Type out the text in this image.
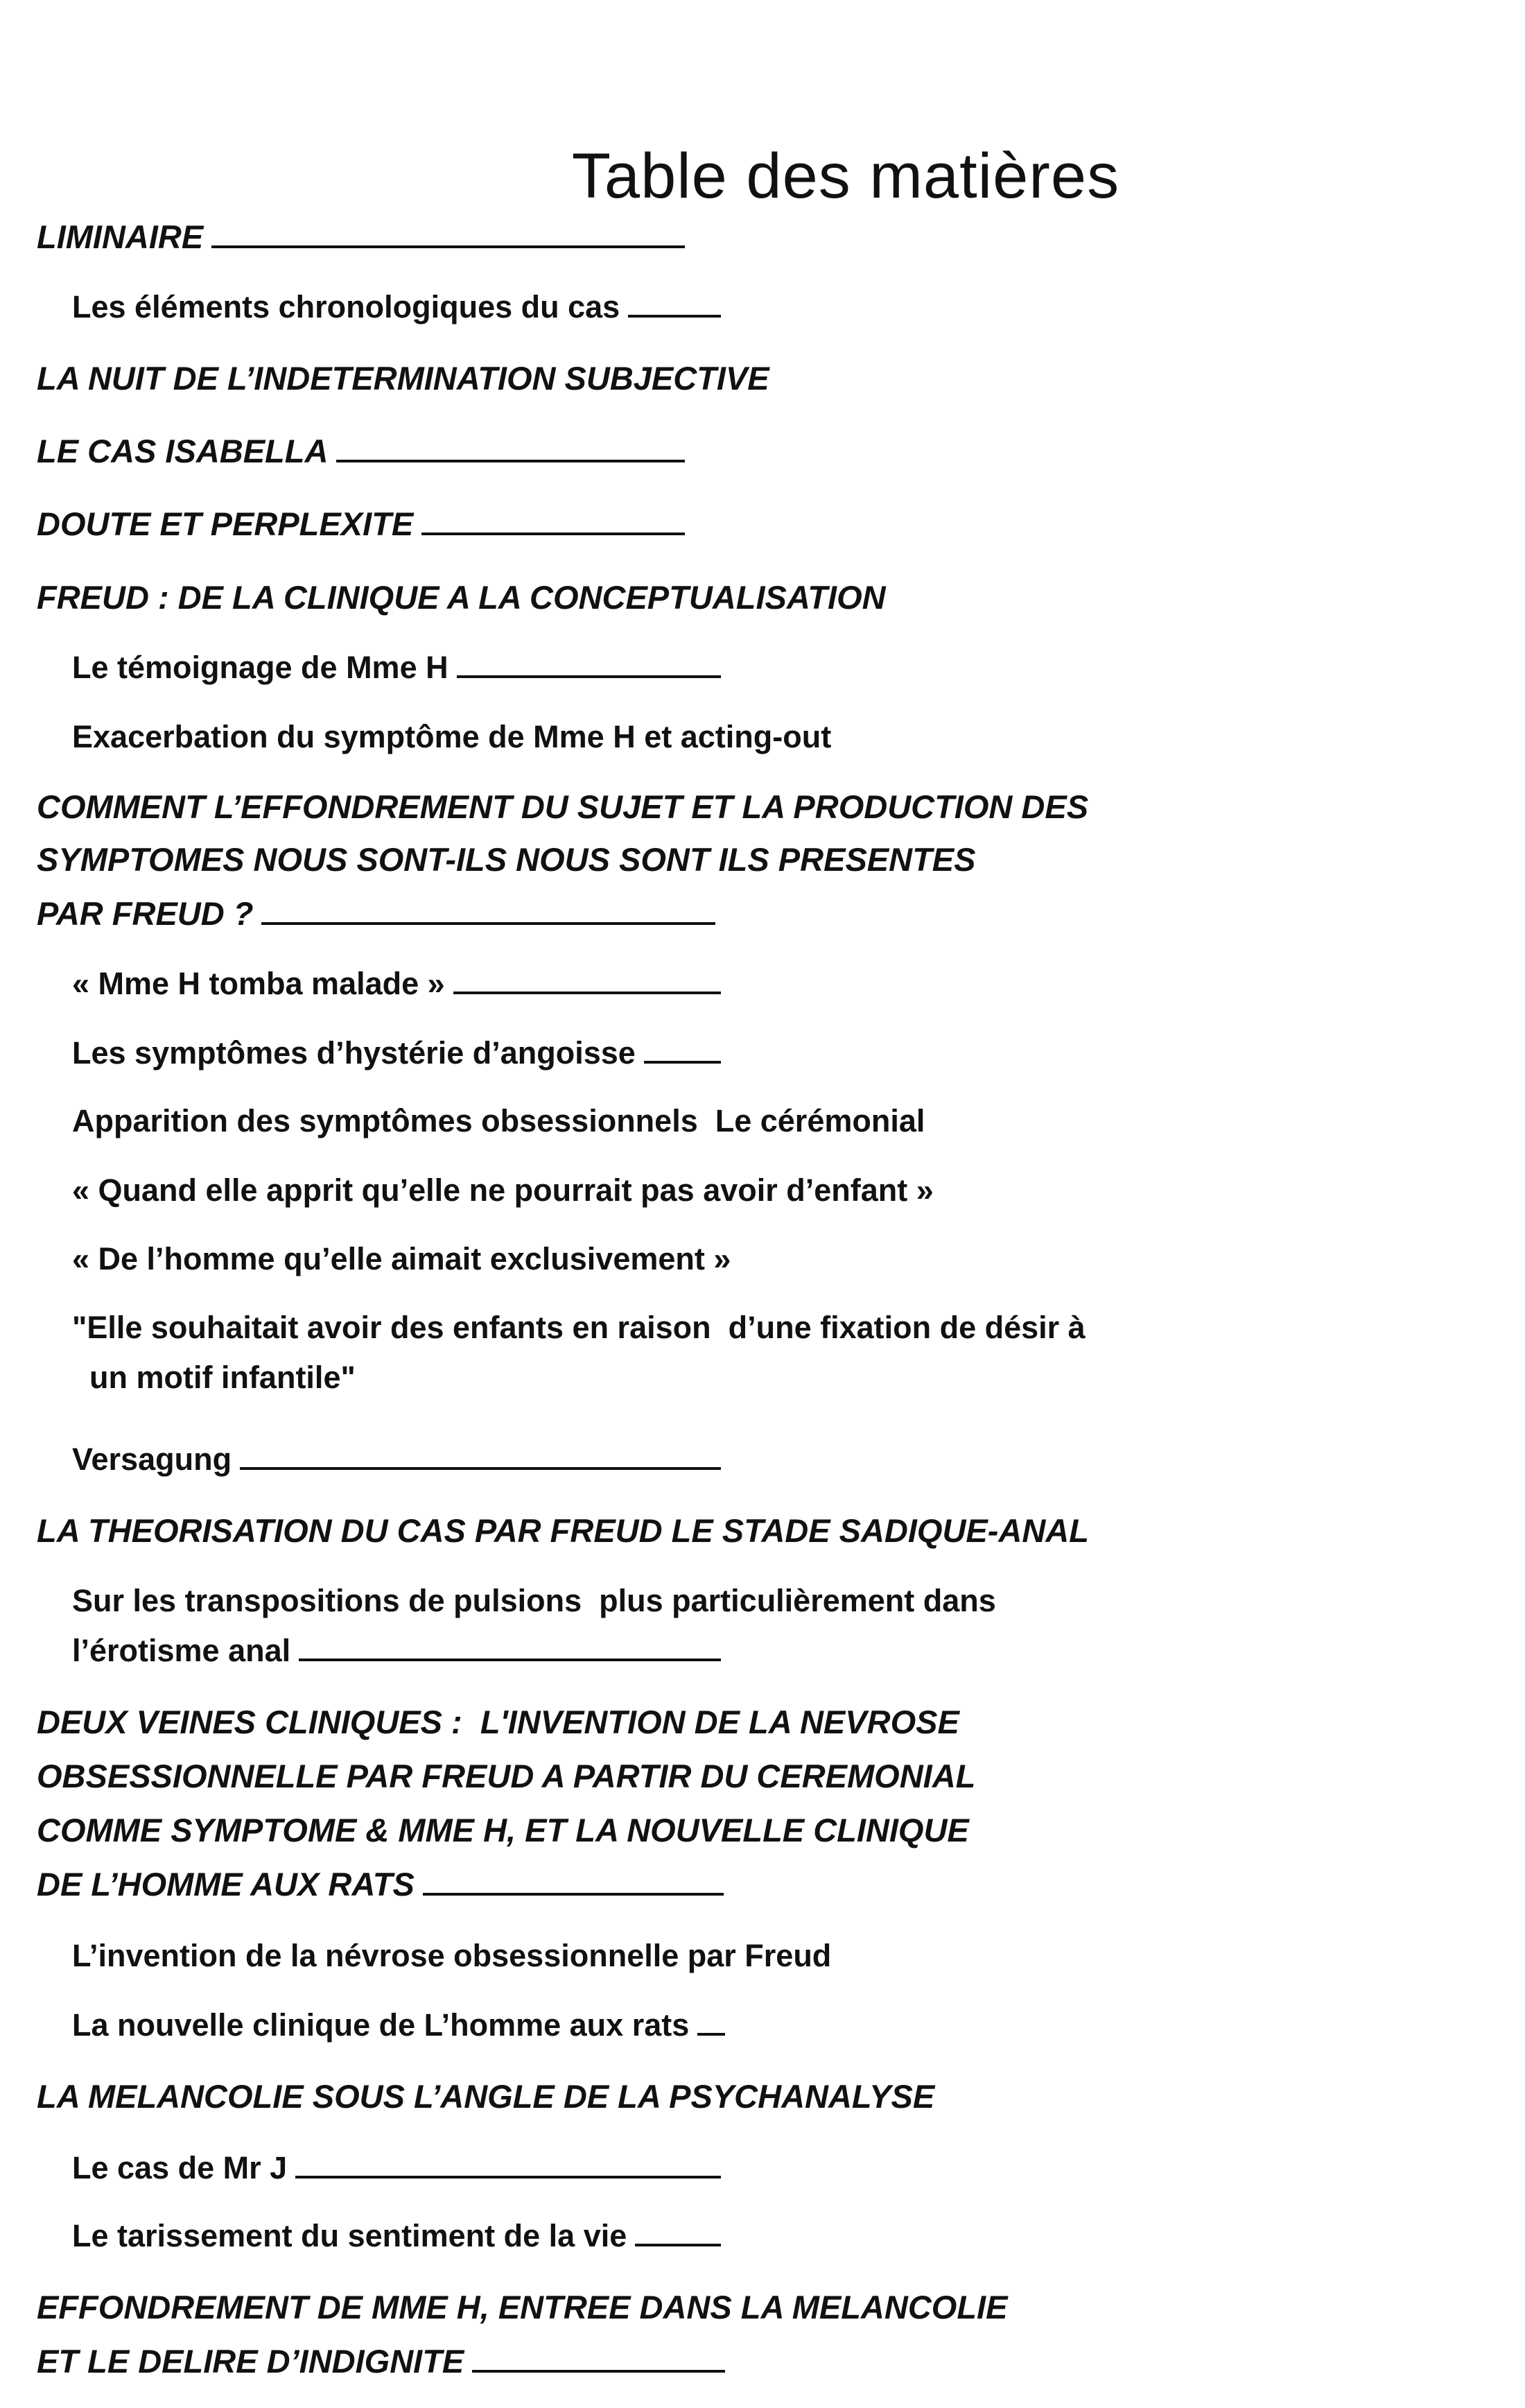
Table des matières
LIMINAIRE
Les éléments chronologiques du cas
LA NUIT DE L’INDETERMINATION SUBJECTIVE
LE CAS ISABELLA
DOUTE ET PERPLEXITE
FREUD : DE LA CLINIQUE A LA CONCEPTUALISATION
Le témoignage de Mme H
Exacerbation du symptôme de Mme H et acting-out
COMMENT L’EFFONDREMENT DU SUJET ET LA PRODUCTION DES
SYMPTOMES NOUS SONT-ILS NOUS SONT ILS PRESENTES
PAR FREUD ?
« Mme H tomba malade »
Les symptômes d’hystérie d’angoisse
Apparition des symptômes obsessionnels  Le cérémonial
« Quand elle apprit qu’elle ne pourrait pas avoir d’enfant »
« De l’homme qu’elle aimait exclusivement »
"Elle souhaitait avoir des enfants en raison  d’une fixation de désir à
un motif infantile"
Versagung
LA THEORISATION DU CAS PAR FREUD LE STADE SADIQUE-ANAL
Sur les transpositions de pulsions  plus particulièrement dans
l’érotisme anal
DEUX VEINES CLINIQUES :  L'INVENTION DE LA NEVROSE
OBSESSIONNELLE PAR FREUD A PARTIR DU CEREMONIAL
COMME SYMPTOME & MME H, ET LA NOUVELLE CLINIQUE
DE L’HOMME AUX RATS
L’invention de la névrose obsessionnelle par Freud
La nouvelle clinique de L’homme aux rats
LA MELANCOLIE SOUS L’ANGLE DE LA PSYCHANALYSE
Le cas de Mr J
Le tarissement du sentiment de la vie
EFFONDREMENT DE MME H, ENTREE DANS LA MELANCOLIE
ET LE DELIRE D’INDIGNITE
